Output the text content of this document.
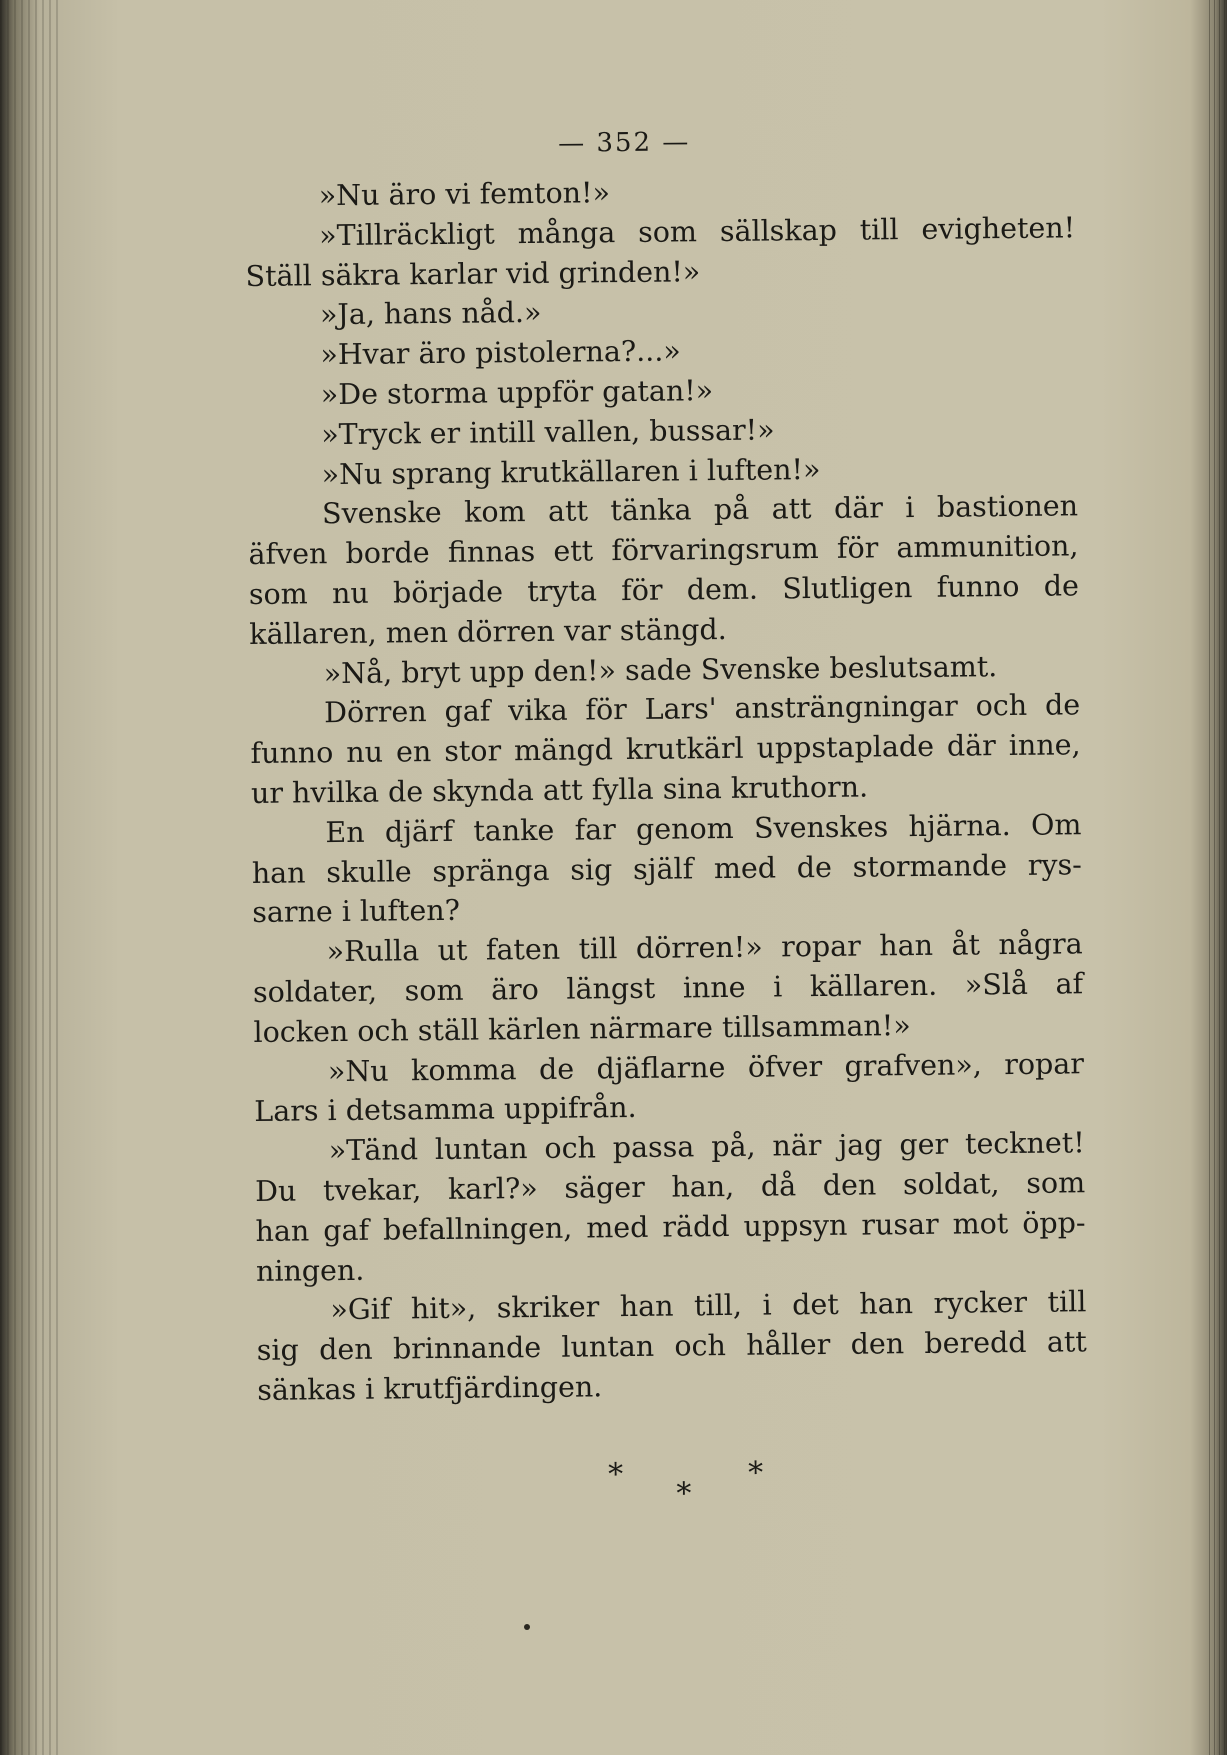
— 352 —
»Nu äro vi femton!»
»Tillräckligt många som sällskap till evigheten!
Ställ säkra karlar vid grinden!»
»Ja, hans nåd.»
»Hvar äro pistolerna?...»
»De storma uppför gatan!»
»Tryck er intill vallen, bussar!»
»Nu sprang krutkällaren i luften!»
Svenske kom att tänka på att där i bastionen
äfven borde finnas ett förvaringsrum för ammunition,
som nu började tryta för dem. Slutligen funno de
källaren, men dörren var stängd.
»Nå, bryt upp den!» sade Svenske beslutsamt.
Dörren gaf vika för Lars' ansträngningar och de
funno nu en stor mängd krutkärl uppstaplade där inne,
ur hvilka de skynda att fylla sina kruthorn.
En djärf tanke far genom Svenskes hjärna. Om
han skulle spränga sig själf med de stormande rys-
sarne i luften?
»Rulla ut faten till dörren!» ropar han åt några
soldater, som äro längst inne i källaren. »Slå af
locken och ställ kärlen närmare tillsamman!»
»Nu komma de djäflarne öfver grafven», ropar
Lars i detsamma uppifrån.
»Tänd luntan och passa på, när jag ger tecknet!
Du tvekar, karl?» säger han, då den soldat, som
han gaf befallningen, med rädd uppsyn rusar mot öpp-
ningen.
»Gif hit», skriker han till, i det han rycker till
sig den brinnande luntan och håller den beredd att
sänkas i krutfjärdingen.
*	*
*
